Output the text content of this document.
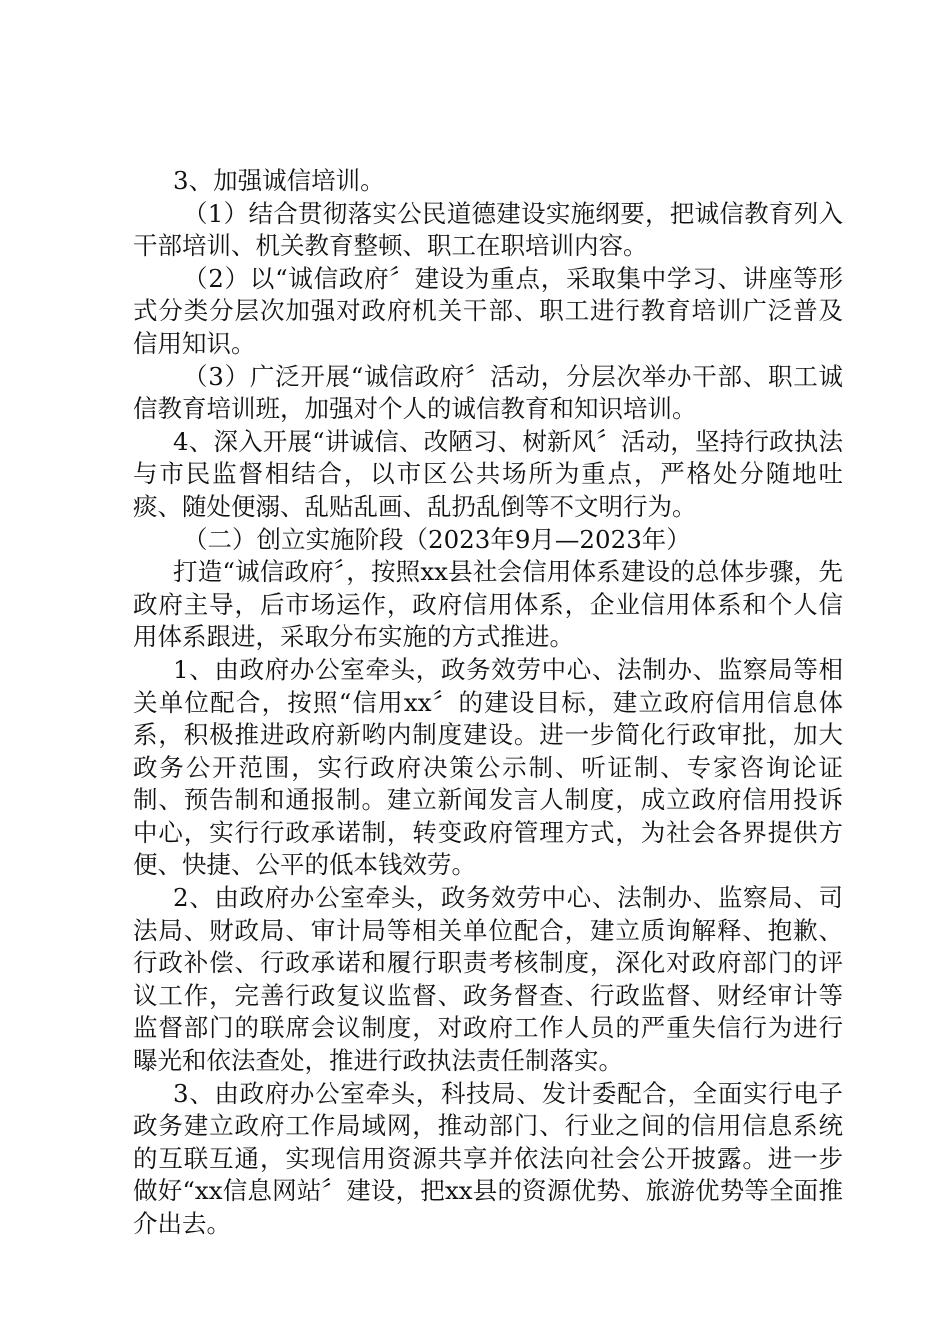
3、加强诚信培训。

（1）结合贯彻落实公民道德建设实施纲要，把诚信教育列入干部培训、机关教育整顿、职工在职培训内容。

（2）以“诚信政府〞建设为重点，采取集中学习、讲座等形式分类分层次加强对政府机关干部、职工进行教育培训广泛普及信用知识。

（3）广泛开展“诚信政府〞活动，分层次举办干部、职工诚信教育培训班，加强对个人的诚信教育和知识培训。

4、深入开展“讲诚信、改陋习、树新风〞活动，坚持行政执法与市民监督相结合，以市区公共场所为重点，严格处分随地吐痰、随处便溺、乱贴乱画、乱扔乱倒等不文明行为。

（二）创立实施阶段（2023年9月—2023年）

打造“诚信政府〞，按照xx县社会信用体系建设的总体步骤，先政府主导，后市场运作，政府信用体系，企业信用体系和个人信用体系跟进，采取分布实施的方式推进。

1、由政府办公室牵头，政务效劳中心、法制办、监察局等相关单位配合，按照“信用xx〞的建设目标，建立政府信用信息体系，积极推进政府新哟内制度建设。进一步简化行政审批，加大政务公开范围，实行政府决策公示制、听证制、专家咨询论证制、预告制和通报制。建立新闻发言人制度，成立政府信用投诉中心，实行行政承诺制，转变政府管理方式，为社会各界提供方便、快捷、公平的低本钱效劳。

2、由政府办公室牵头，政务效劳中心、法制办、监察局、司法局、财政局、审计局等相关单位配合，建立质询解释、抱歉、行政补偿、行政承诺和履行职责考核制度，深化对政府部门的评议工作，完善行政复议监督、政务督查、行政监督、财经审计等监督部门的联席会议制度，对政府工作人员的严重失信行为进行曝光和依法查处，推进行政执法责任制落实。

3、由政府办公室牵头，科技局、发计委配合，全面实行电子政务建立政府工作局域网，推动部门、行业之间的信用信息系统的互联互通，实现信用资源共享并依法向社会公开披露。进一步做好“xx信息网站〞建设，把xx县的资源优势、旅游优势等全面推介出去。
